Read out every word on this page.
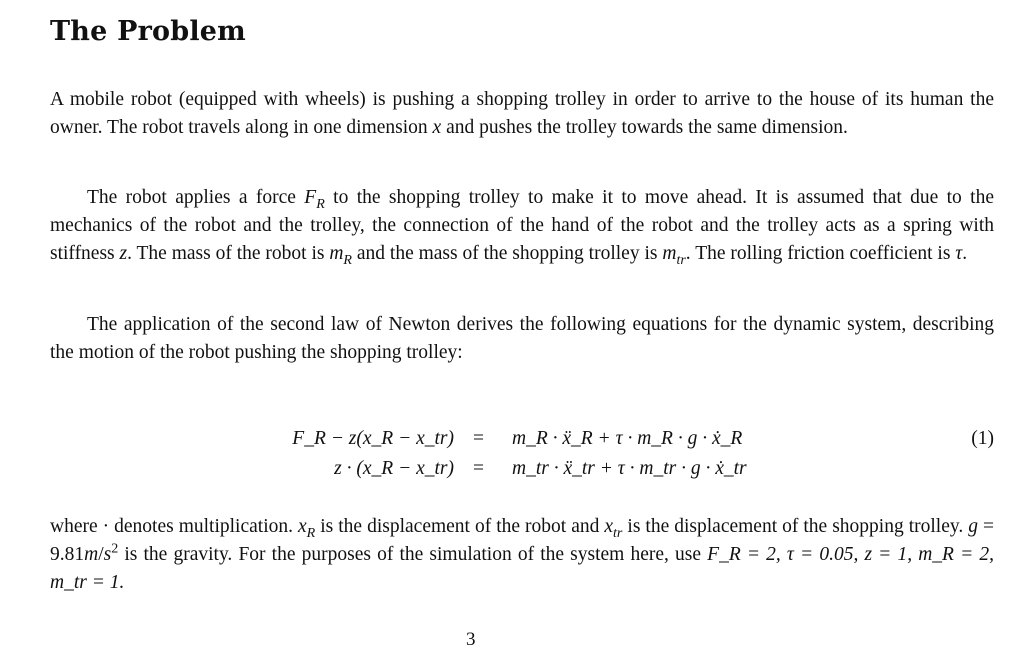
The Problem

A mobile robot (equipped with wheels) is pushing a shopping trolley in order to arrive to the house of its human the owner. The robot travels along in one dimension x and pushes the trolley towards the same dimension.

The robot applies a force $F_R$ to the shopping trolley to make it to move ahead. It is assumed that due to the mechanics of the robot and the trolley, the connection of the hand of the robot and the trolley acts as a spring with stiffness z. The mass of the robot is $m_R$ and the mass of the shopping trolley is $m_{tr}$. The rolling friction coefficient is τ.

The application of the second law of Newton derives the following equations for the dynamic system, describing the motion of the robot pushing the shopping trolley:

F_R − z(x_R − x_tr) = m_R · ẍ_R + τ · m_R · g · ẋ_R	(1)
z · (x_R − x_tr) = m_tr · ẍ_tr + τ · m_tr · g · ẋ_tr

where · denotes multiplication. $x_R$ is the displacement of the robot and $x_{tr}$ is the displacement of the shopping trolley. $g = 9.81m/s^2$ is the gravity. For the purposes of the simulation of the system here, use F_R = 2, τ = 0.05, z = 1, m_R = 2, m_tr = 1.

3
